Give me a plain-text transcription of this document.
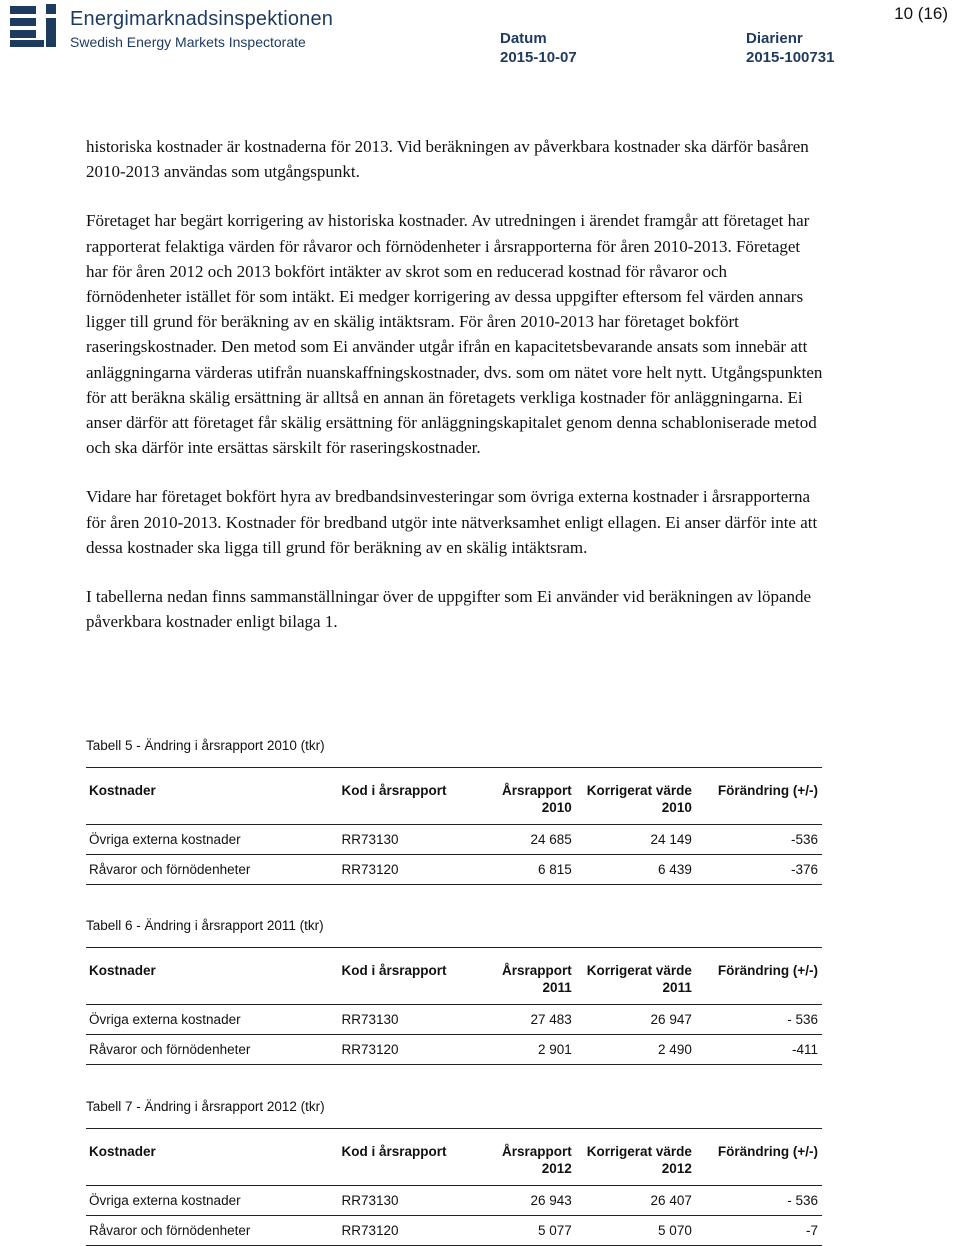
Energimarknadsinspektionen
Swedish Energy Markets Inspectorate	Datum
2015-10-07
Diarienr
2015-100731
10 (16)

historiska kostnader är kostnaderna för 2013. Vid beräkningen av påverkbara kostnader ska därför basåren 2010-2013 användas som utgångspunkt.

Företaget har begärt korrigering av historiska kostnader. Av utredningen i ärendet framgår att företaget har rapporterat felaktiga värden för råvaror och förnödenheter i årsrapporterna för åren 2010-2013. Företaget har för åren 2012 och 2013 bokfört intäkter av skrot som en reducerad kostnad för råvaror och förnödenheter istället för som intäkt. Ei medger korrigering av dessa uppgifter eftersom fel värden annars ligger till grund för beräkning av en skälig intäktsram. För åren 2010-2013 har företaget bokfört raseringskostnader. Den metod som Ei använder utgår ifrån en kapacitetsbevarande ansats som innebär att anläggningarna värderas utifrån nuanskaffningskostnader, dvs. som om nätet vore helt nytt. Utgångspunkten för att beräkna skälig ersättning är alltså en annan än företagets verkliga kostnader för anläggningarna. Ei anser därför att företaget får skälig ersättning för anläggningskapitalet genom denna schabloniserade metod och ska därför inte ersättas särskilt för raseringskostnader.

Vidare har företaget bokfört hyra av bredbandsinvesteringar som övriga externa kostnader i årsrapporterna för åren 2010-2013. Kostnader för bredband utgör inte nätverksamhet enligt ellagen. Ei anser därför inte att dessa kostnader ska ligga till grund för beräkning av en skälig intäktsram.

I tabellerna nedan finns sammanställningar över de uppgifter som Ei använder vid beräkningen av löpande påverkbara kostnader enligt bilaga 1.

Tabell 5 - Ändring i årsrapport 2010 (tkr)
Kostnader	Kod i årsrapport	Årsrapport 2010	Korrigerat värde 2010	Förändring (+/-)
Övriga externa kostnader	RR73130	24 685	24 149	-536
Råvaror och förnödenheter	RR73120	6 815	6 439	-376
Tabell 6 - Ändring i årsrapport 2011 (tkr)
Kostnader	Kod i årsrapport	Årsrapport 2011	Korrigerat värde 2011	Förändring (+/-)
Övriga externa kostnader	RR73130	27 483	26 947	- 536
Råvaror och förnödenheter	RR73120	2 901	2 490	-411
Tabell 7 - Ändring i årsrapport 2012 (tkr)
Kostnader	Kod i årsrapport	Årsrapport 2012	Korrigerat värde 2012	Förändring (+/-)
Övriga externa kostnader	RR73130	26 943	26 407	- 536
Råvaror och förnödenheter	RR73120	5 077	5 070	-7
